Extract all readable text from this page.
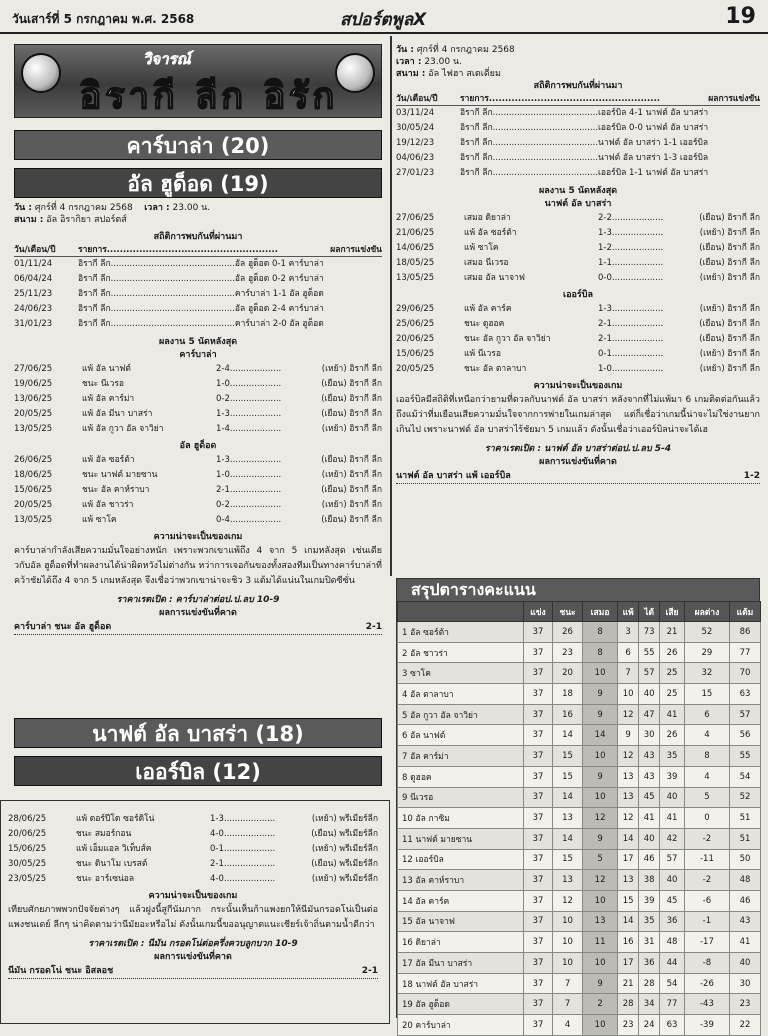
วันเสาร์ที่ 5 กรกฎาคม พ.ศ. 2568	สปอร์ตพูลX	19
วิจารณ์
อิรากี ลีก อิรัก
คาร์บาล่า (20)
อัล ฮูด็อด (19)
วัน : ศุกร์ที่ 4 กรกฎาคม 2568 เวลา : 23.00 น.
สนาม : อัล อิรากิยา สปอร์ตส์
สถิติการพบกันที่ผ่านมา
วัน/เดือน/ปี	รายการ.....................................................	ผลการแข่งขัน
01/11/24	อิรากี ลีก..............................................อัล ฮูด็อด 0-1 คาร์บาล่า
06/04/24	อิรากี ลีก..............................................อัล ฮูด็อด 0-2 คาร์บาล่า
25/11/23	อิรากี ลีก..............................................คาร์บาล่า 1-1 อัล ฮูด็อด
24/06/23	อิรากี ลีก..............................................อัล ฮูด็อด 2-4 คาร์บาล่า
31/01/23	อิรากี ลีก..............................................คาร์บาล่า 2-0 อัล ฮูด็อด
ผลงาน 5 นัดหลังสุด
คาร์บาล่า
27/06/25	แพ้ อัล นาฟต์	2-4...................	(เหย้า) อิรากี ลีก
19/06/25	ชนะ นีเวรอ	1-0...................	(เยือน) อิรากี ลีก
13/06/25	แพ้ อัล คาร์ม่า	0-2...................	(เยือน) อิรากี ลีก
20/05/25	แพ้ อัล มีนา บาสร่า	1-3...................	(เยือน) อิรากี ลีก
13/05/25	แพ้ อัล กูวา อัล จาวิย่า	1-4...................	(เหย้า) อิรากี ลีก
อัล ฮูด็อด
26/06/25	แพ้ อัล ซอร์ต้า	1-3...................	(เยือน) อิรากี ลีก
18/06/25	ชนะ นาฟต์ มายซาน	1-0...................	(เหย้า) อิรากี ลีก
15/06/25	ชนะ อัล คาห์ราบา	2-1...................	(เยือน) อิรากี ลีก
20/05/25	แพ้ อัล ชาวร่า	0-2...................	(เหย้า) อิรากี ลีก
13/05/25	แพ้ ซาโค	0-4...................	(เยือน) อิรากี ลีก
ความน่าจะเป็นของเกม
คาร์บาล่ากำลังเสียความมั่นใจอย่างหนัก เพราะพวกเขาแพ้ถึง 4 จาก 5 เกมหลังสุด เช่นเดียวกับอัล ฮูด็อดที่ทำผลงานได้น่าผิดหวังไม่ต่างกัน หว่าการเจอกันของทั้งสองทีมเป็นทางคาร์บาล่าที่คว้าชัยได้ถึง 4 จาก 5 เกมหลังสุด จึงเชื่อว่าพวกเขาน่าจะชิว 3 แต้มได้แน่นในเกมปิดซีซั่น
ราคาเรตเปิด : คาร์บาล่าต่อป.ป.ลบ 10-9
ผลการแข่งขันที่คาด
คาร์บาล่า ชนะ อัล ฮูด็อด	2-1
นาฟต์ อัล บาสร่า (18)
เออร์บิล (12)
28/06/25	แพ้ ดอร์ปีโด ซอร์ดิโน่	1-3...................	(เหย้า) พรีเมียร์ลีก
20/06/25	ชนะ สมอร์กอน	4-0...................	(เยือน) พรีเมียร์ลีก
15/06/25	แพ้ เอ็มแอล วิเท็บส์ค	0-1...................	(เหย้า) พรีเมียร์ลีก
30/05/25	ชนะ ดินาโม เบรสต์	2-1...................	(เยือน) พรีเมียร์ลีก
23/05/25	ชนะ อาร์เซน่อล	4-0...................	(เหย้า) พรีเมียร์ลีก
ความน่าจะเป็นของเกม
เทียบศักยภาพพวกปัจจัยต่างๆ แล้วฝูงนี้สูกีนัมภาก กระนั้นเห็นก้าแพงยกให้นีมันกรอดโน่เป็นต่อแพงชนเดย์ ลีกๆ น่าคิดตามว่านีมัยอะหรือไม่ ดังนั้นเกมนี้ขออนุญาตแนะเชียร์เจ้าถิ่นตามน้ำดีกว่า
ราคาเรตเปิด : นีมัน กรอดโน่ต่อครึ่งควบลูกบวก 10-9
ผลการแข่งขันที่คาด
นีมัน กรอดโน่ ชนะ อิสลอช	2-1
วัน : ศุกร์ที่ 4 กรกฎาคม 2568
เวลา : 23.00 น.
สนาม : อัล ไฟฮา สเตเดี่ยม
สถิติการพบกันที่ผ่านมา
วัน/เดือน/ปี	รายการ.....................................................	ผลการแข่งขัน
03/11/24	อิรากี ลีก.......................................เออร์บิล 4-1 นาฟต์ อัล บาสร่า
30/05/24	อิรากี ลีก.......................................เออร์บิล 0-0 นาฟต์ อัล บาสร่า
19/12/23	อิรากี ลีก.......................................นาฟต์ อัล บาสร่า 1-1 เออร์บิล
04/06/23	อิรากี ลีก.......................................นาฟต์ อัล บาสร่า 1-3 เออร์บิล
27/01/23	อิรากี ลีก.......................................เออร์บิล 1-1 นาฟต์ อัล บาสร่า
ผลงาน 5 นัดหลังสุด
นาฟต์ อัล บาสร่า
27/06/25	เสมอ ดิยาล่า	2-2...................	(เยือน) อิรากี ลีก
21/06/25	แพ้ อัล ซอร์ต้า	1-3...................	(เหย้า) อิรากี ลีก
14/06/25	แพ้ ซาโค	1-2...................	(เยือน) อิรากี ลีก
18/05/25	เสมอ นีเวรอ	1-1...................	(เยือน) อิรากี ลีก
13/05/25	เสมอ อัล นาจาฟ	0-0...................	(เหย้า) อิรากี ลีก
เออร์บิล
29/06/25	แพ้ อัล คาร์ค	1-3...................	(เหย้า) อิรากี ลีก
25/06/25	ชนะ ดูฮอค	2-1...................	(เยือน) อิรากี ลีก
20/06/25	ชนะ อัล กูวา อัล จาวิย่า	2-1...................	(เยือน) อิรากี ลีก
15/06/25	แพ้ นีเวรอ	0-1...................	(เหย้า) อิรากี ลีก
20/05/25	ชนะ อัล ตาลาบา	1-0...................	(เหย้า) อิรากี ลีก
ความน่าจะเป็นของเกม
เออร์บิลมีสถิติที่เหนือกว่ายามที่ดวลกับนาฟต์ อัล บาสร่า หลังจากที่ไม่แพ้มา 6 เกมติดต่อกันแล้ว ถึงแม้ว่าที่มเยือนเสียความมั่นใจจากการพ่ายในเกมล่าสุด แต่ก็เชื่อว่าเกมนี้น่าจะไม่ใช่งานยากเกินไป เพราะนาฟต์ อัล บาสร่าไร้ชัยมา 5 เกมแล้ว ดังนั้นเชื่อว่าเออร์บิลน่าจะได้เฮ
ราคาเรตเปิด : นาฟต์ อัล บาสร่าต่อป.ป.ลบ 5-4
ผลการแข่งขันที่คาด
นาฟต์ อัล บาสร่า แพ้ เออร์บิล	1-2
สรุปตารางคะแนน
	แข่ง	ชนะ	เสมอ	แพ้	ได้	เสีย	ผลต่าง	แต้ม
1 อัล ซอร์ต้า	37	26	8	3	73	21	52	86
2 อัล ชาวร่า	37	23	8	6	55	26	29	77
3 ซาโค	37	20	10	7	57	25	32	70
4 อัล ตาลาบา	37	18	9	10	40	25	15	63
5 อัล กูวา อัล จาวิย่า	37	16	9	12	47	41	6	57
6 อัล นาฟต์	37	14	14	9	30	26	4	56
7 อัล คาร์ม่า	37	15	10	12	43	35	8	55
8 ดูฮอค	37	15	9	13	43	39	4	54
9 นีเวรอ	37	14	10	13	45	40	5	52
10 อัล กาซิม	37	13	12	12	41	41	0	51
11 นาฟต์ มายซาน	37	14	9	14	40	42	-2	51
12 เออร์บิล	37	15	5	17	46	57	-11	50
13 อัล คาห์ราบา	37	13	12	13	38	40	-2	48
14 อัล คาร์ค	37	12	10	15	39	45	-6	46
15 อัล นาจาฟ	37	10	13	14	35	36	-1	43
16 ดิยาล่า	37	10	11	16	31	48	-17	41
17 อัล มีนา บาสร่า	37	10	10	17	36	44	-8	40
18 นาฟต์ อัล บาสร่า	37	7	9	21	28	54	-26	30
19 อัล ฮูด็อด	37	7	2	28	34	77	-43	23
20 คาร์บาล่า	37	4	10	23	24	63	-39	22
